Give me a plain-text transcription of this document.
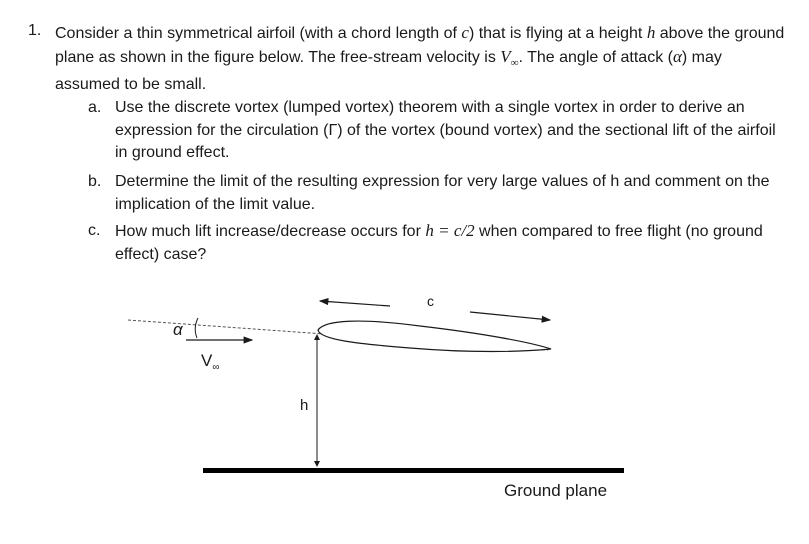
1. Consider a thin symmetrical airfoil (with a chord length of c) that is flying at a height h above the ground plane as shown in the figure below. The free-stream velocity is $V_\infty$. The angle of attack (α) may assumed to be small.
a. Use the discrete vortex (lumped vortex) theorem with a single vortex in order to derive an expression for the circulation (Γ) of the vortex (bound vortex) and the sectional lift of the airfoil in ground effect.
b. Determine the limit of the resulting expression for very large values of h and comment on the implication of the limit value.
c. How much lift increase/decrease occurs for h = c/2 when compared to free flight (no ground effect) case?
α
$V_\infty$
c
h
Ground plane
